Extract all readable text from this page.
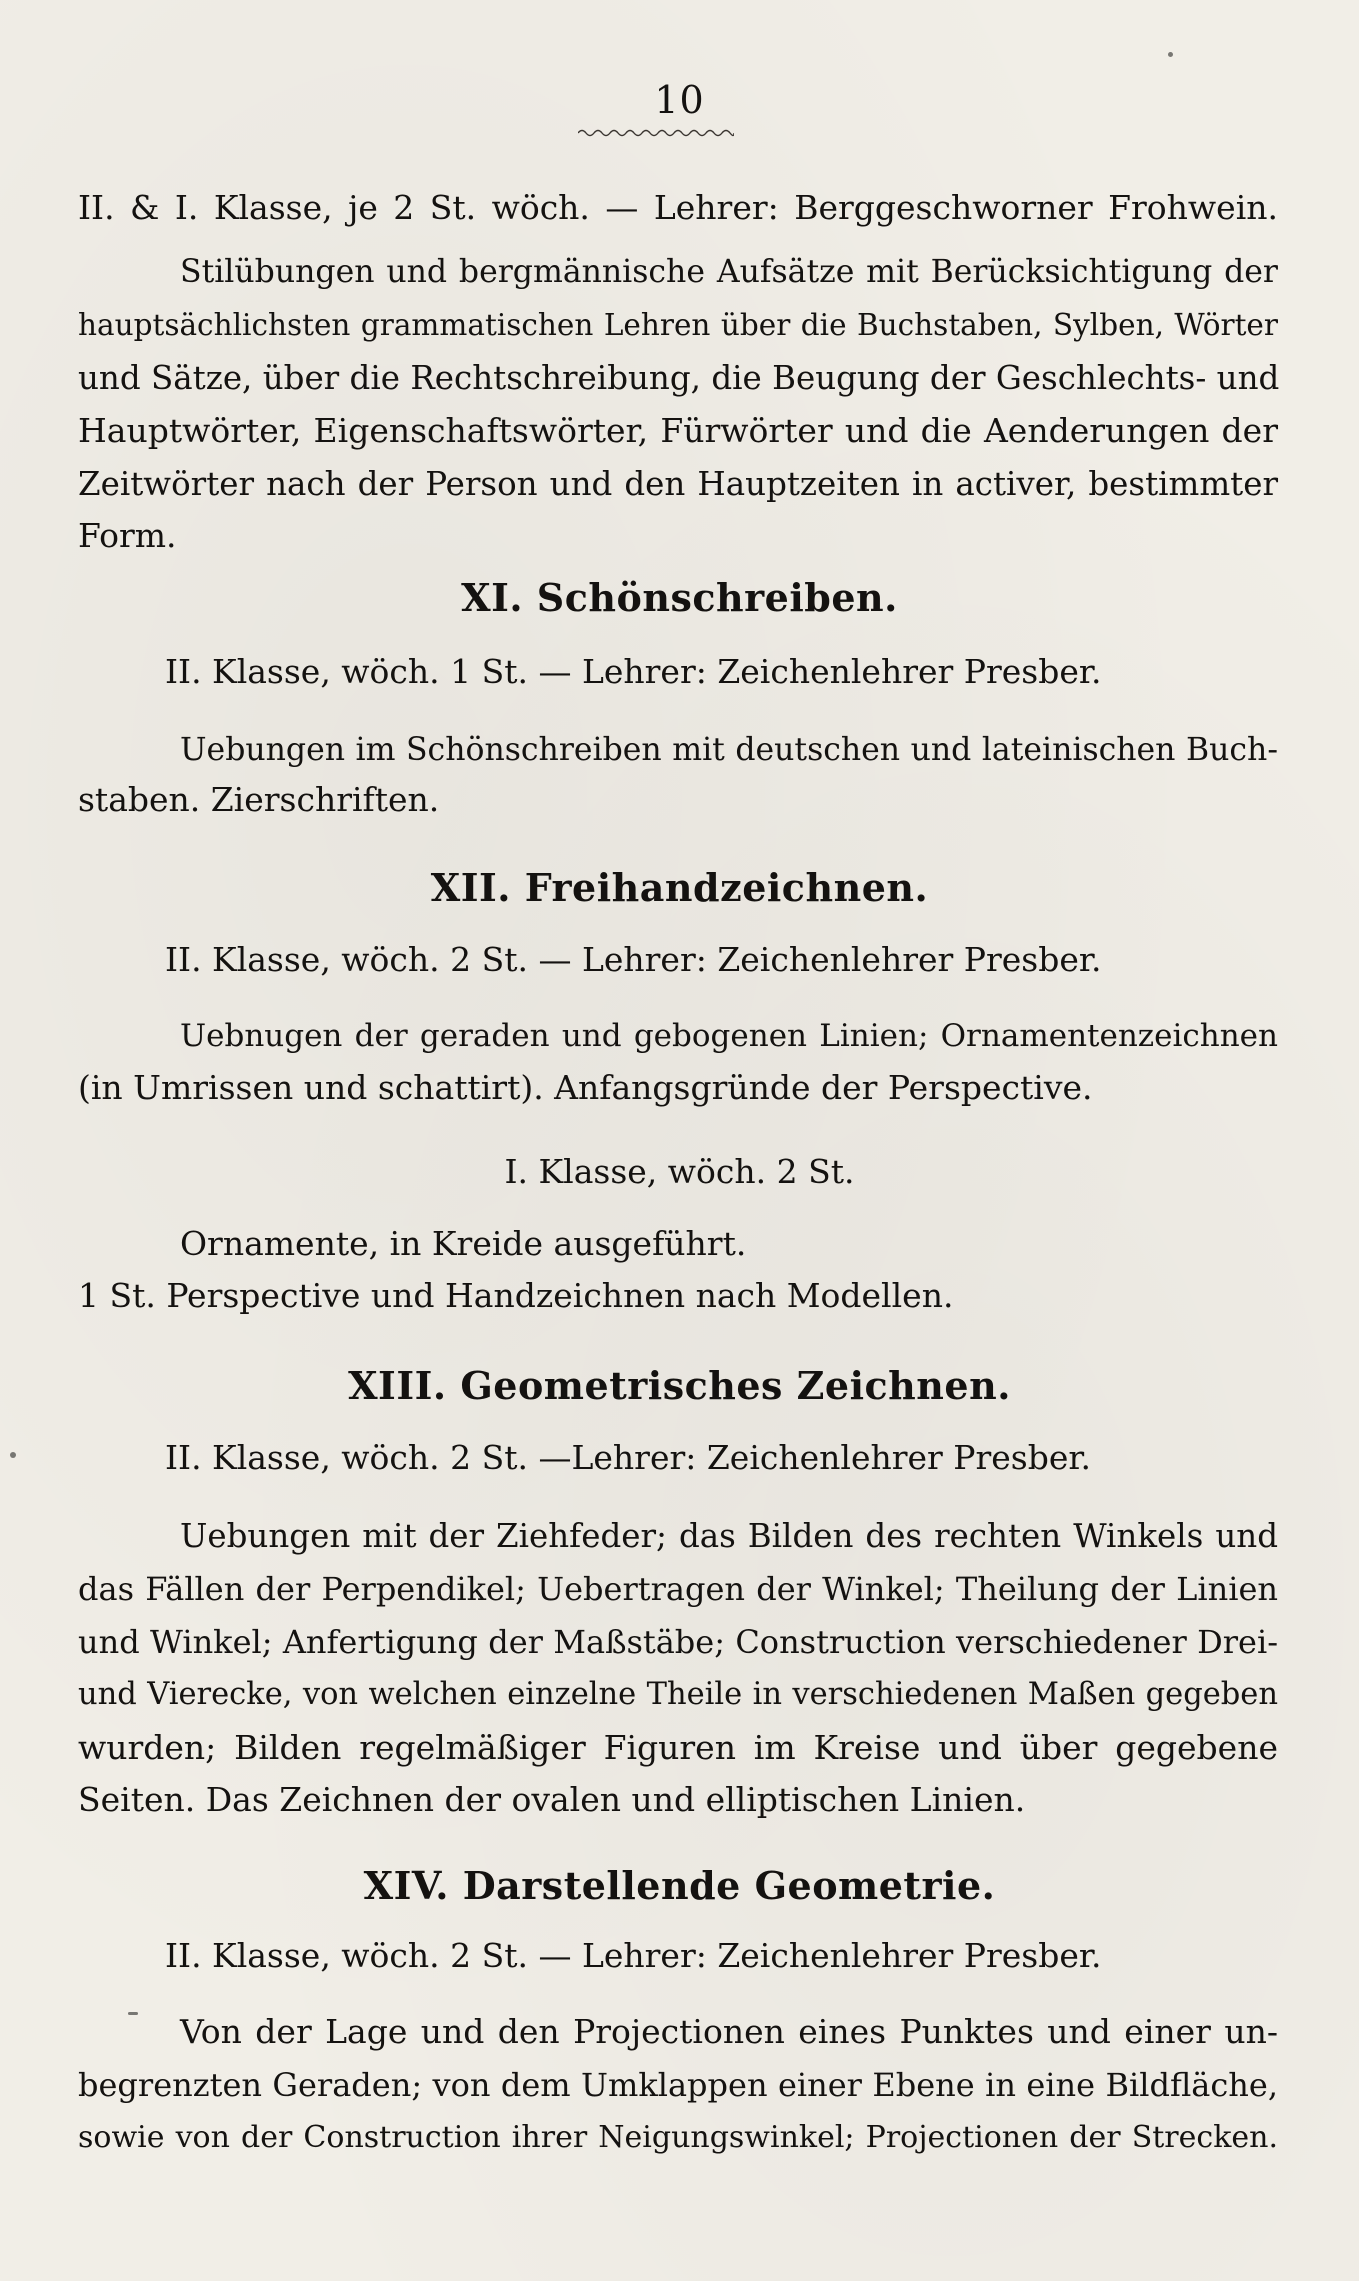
10
II. & I. Klasse, je 2 St. wöch. — Lehrer: Berggeschworner Frohwein.
Stilübungen und bergmännische Aufsätze mit Berücksichtigung der
hauptsächlichsten grammatischen Lehren über die Buchstaben, Sylben, Wörter
und Sätze, über die Rechtschreibung, die Beugung der Geschlechts- und
Hauptwörter, Eigenschaftswörter, Fürwörter und die Aenderungen der
Zeitwörter nach der Person und den Hauptzeiten in activer, bestimmter
Form.
XI. Schönschreiben.
II. Klasse, wöch. 1 St. — Lehrer: Zeichenlehrer Presber.
Uebungen im Schönschreiben mit deutschen und lateinischen Buch-
staben. Zierschriften.
XII. Freihandzeichnen.
II. Klasse, wöch. 2 St. — Lehrer: Zeichenlehrer Presber.
Uebnugen der geraden und gebogenen Linien; Ornamentenzeichnen
(in Umrissen und schattirt). Anfangsgründe der Perspective.
I. Klasse, wöch. 2 St.
Ornamente, in Kreide ausgeführt.
1 St. Perspective und Handzeichnen nach Modellen.
XIII. Geometrisches Zeichnen.
II. Klasse, wöch. 2 St. —Lehrer: Zeichenlehrer Presber.
Uebungen mit der Ziehfeder; das Bilden des rechten Winkels und
das Fällen der Perpendikel; Uebertragen der Winkel; Theilung der Linien
und Winkel; Anfertigung der Maßstäbe; Construction verschiedener Drei-
und Vierecke, von welchen einzelne Theile in verschiedenen Maßen gegeben
wurden; Bilden regelmäßiger Figuren im Kreise und über gegebene
Seiten. Das Zeichnen der ovalen und elliptischen Linien.
XIV. Darstellende Geometrie.
II. Klasse, wöch. 2 St. — Lehrer: Zeichenlehrer Presber.
Von der Lage und den Projectionen eines Punktes und einer un-
begrenzten Geraden; von dem Umklappen einer Ebene in eine Bildfläche,
sowie von der Construction ihrer Neigungswinkel; Projectionen der Strecken.
